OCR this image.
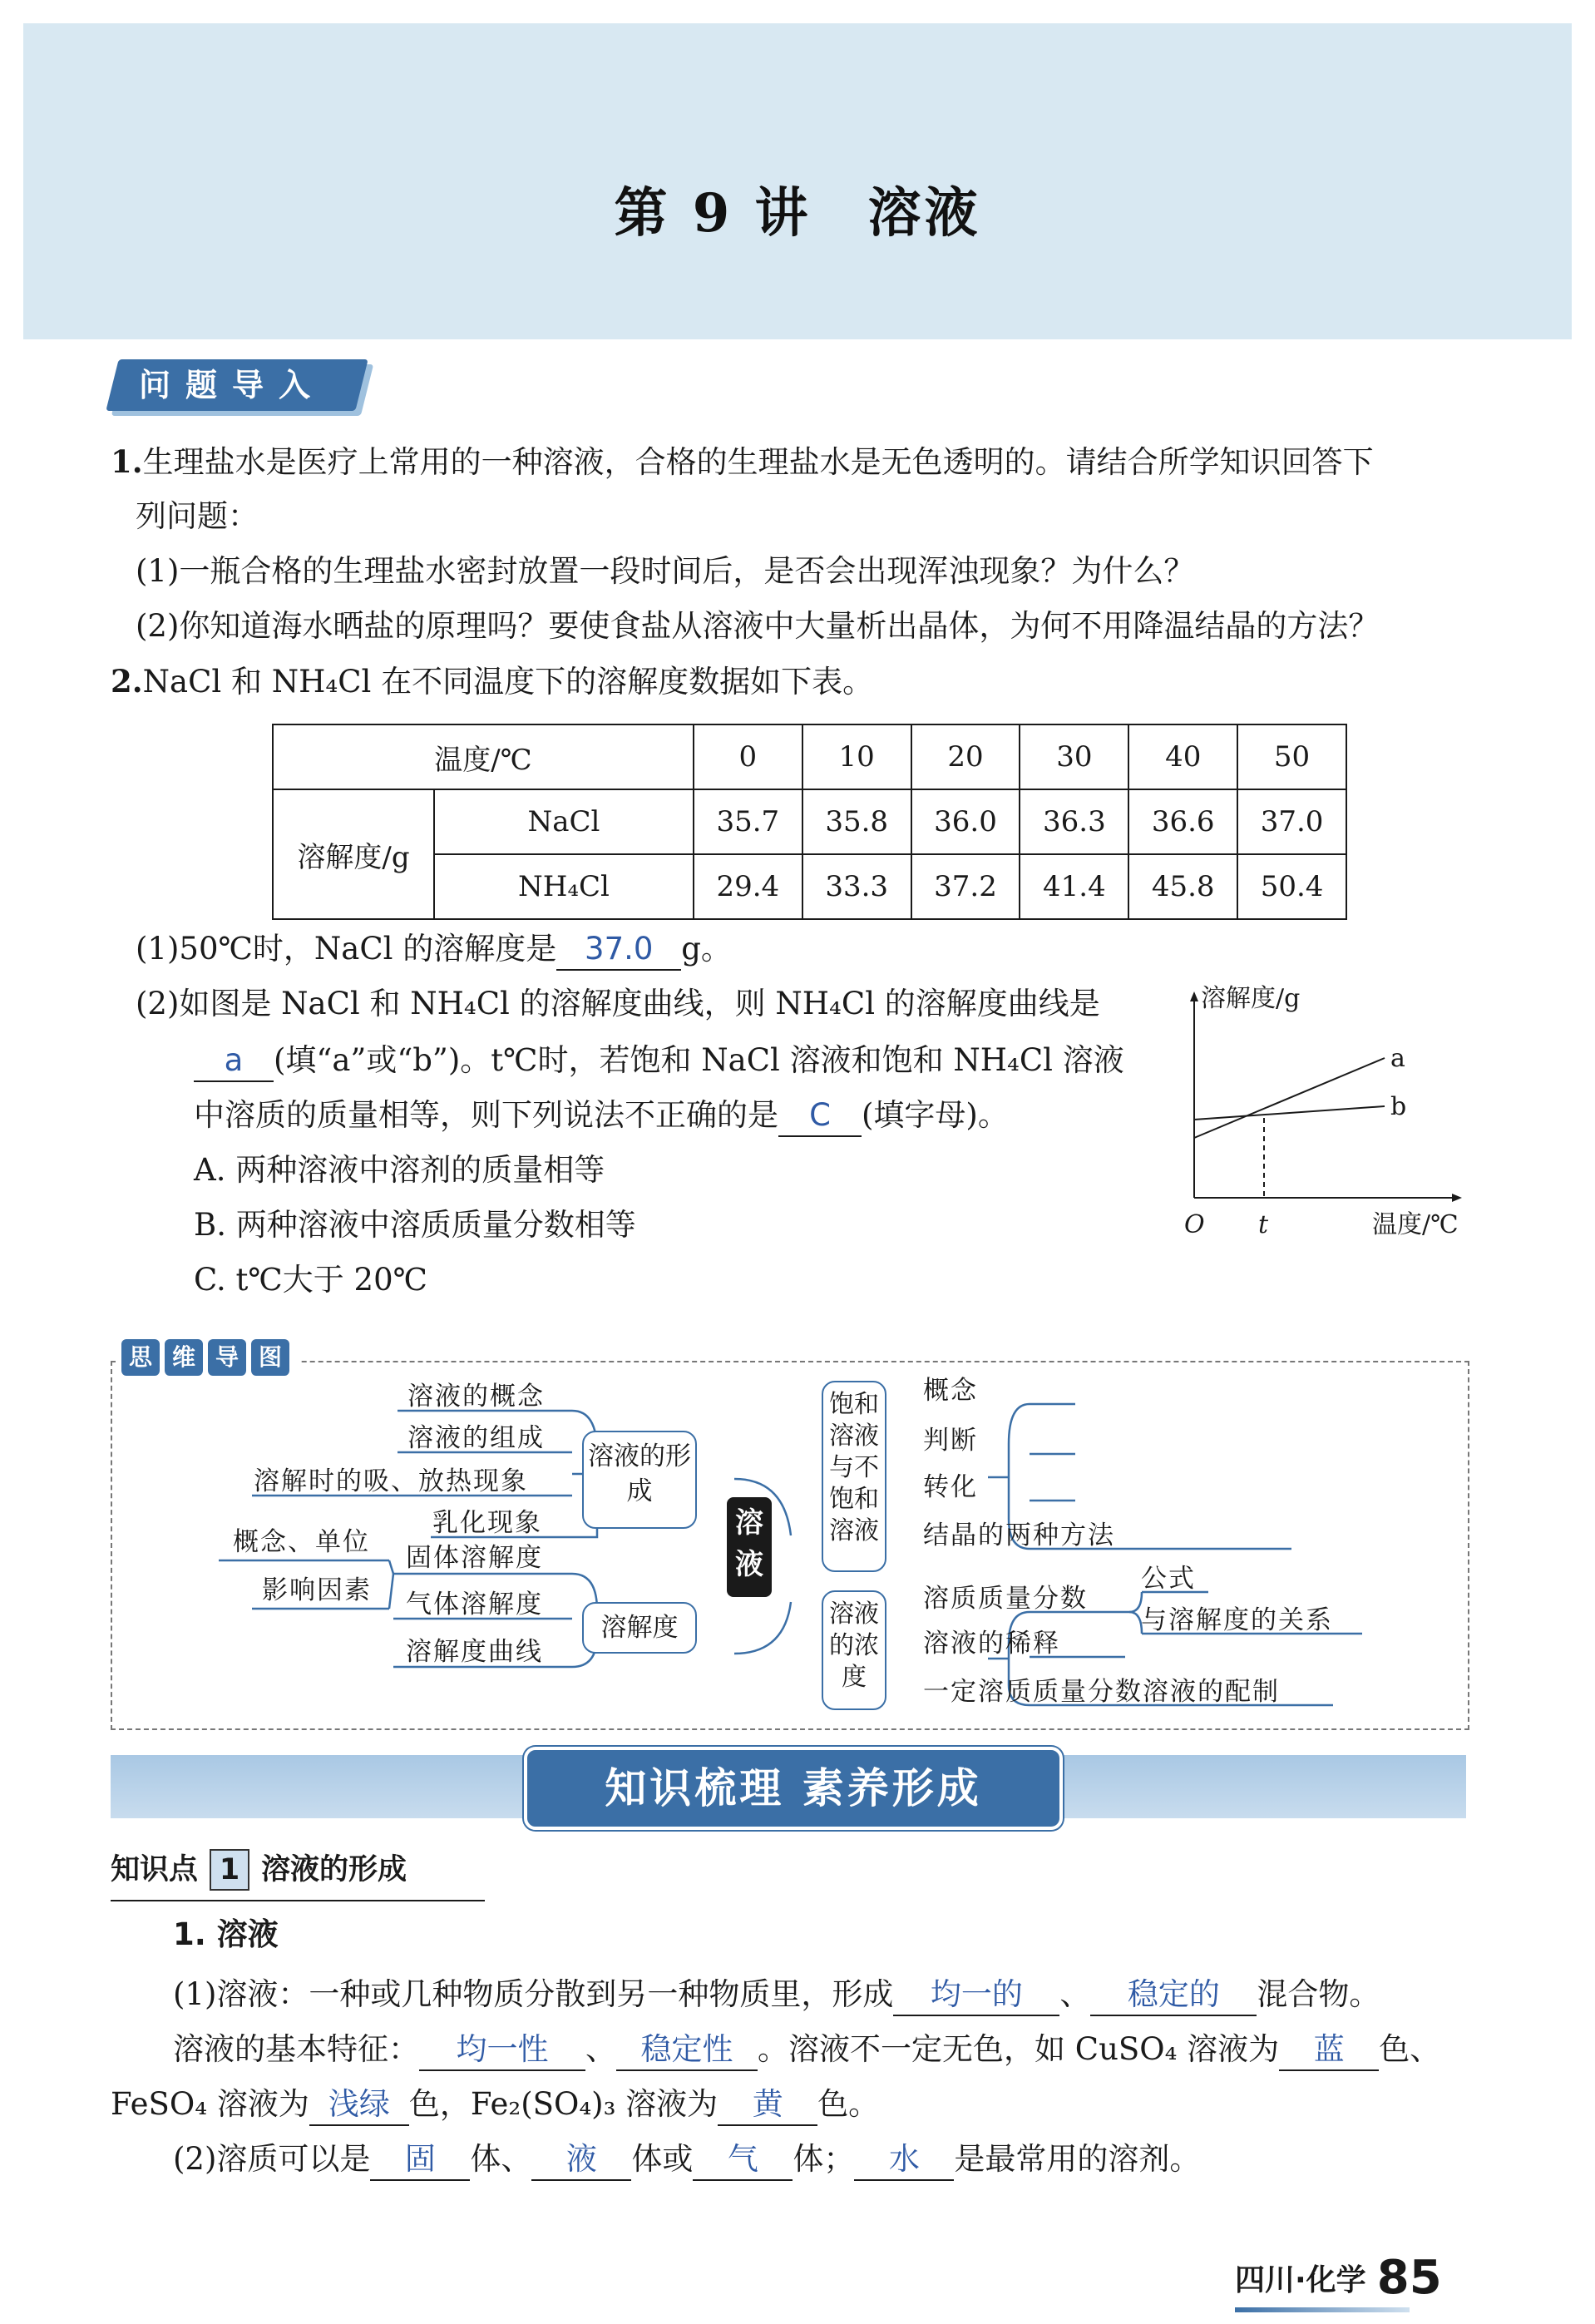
第 9 讲　溶液
问题导入
1.生理盐水是医疗上常用的一种溶液，合格的生理盐水是无色透明的。请结合所学知识回答下
列问题：
(1)一瓶合格的生理盐水密封放置一段时间后，是否会出现浑浊现象？为什么？
(2)你知道海水晒盐的原理吗？要使食盐从溶液中大量析出晶体，为何不用降温结晶的方法？
2.NaCl 和 NH₄Cl 在不同温度下的溶解度数据如下表。
温度/℃		0	10	20	30	40	50
溶解度/g	NaCl	35.7	35.8	36.0	36.3	36.6	37.0
	NH₄Cl	29.4	33.3	37.2	41.4	45.8	50.4
(1)50℃时，NaCl 的溶解度是 37.0 g。
(2)如图是 NaCl 和 NH₄Cl 的溶解度曲线，则 NH₄Cl 的溶解度曲线是
a (填“a”或“b”)。t℃时，若饱和 NaCl 溶液和饱和 NH₄Cl 溶液
中溶质的质量相等，则下列说法不正确的是 C (填字母)。
A. 两种溶液中溶剂的质量相等
B. 两种溶液中溶质质量分数相等
C. t℃大于 20℃
溶解度/g
a
b
O t	温度/℃
思 维 导 图
溶液的概念
溶液的组成
溶解时的吸、放热现象
乳化现象
溶液的形成
概念、单位
影响因素
固体溶解度
气体溶解度
溶解度曲线
溶解度
溶液
饱和溶液与不饱和溶液
概念
判断
转化
结晶的两种方法
溶液的浓度
溶质质量分数
溶液的稀释
一定溶质质量分数溶液的配制
公式
与溶解度的关系
知识梳理 素养形成
知识点 1 溶液的形成
1. 溶液
(1)溶液：一种或几种物质分散到另一种物质里，形成 均一的 、 稳定的 混合物。
溶液的基本特征： 均一性 、 稳定性 。溶液不一定无色，如 CuSO₄ 溶液为 蓝 色、
FeSO₄ 溶液为 浅绿 色，Fe₂(SO₄)₃ 溶液为 黄 色。
(2)溶质可以是 固 体、 液 体或 气 体； 水 是最常用的溶剂。
四川·化学 85
